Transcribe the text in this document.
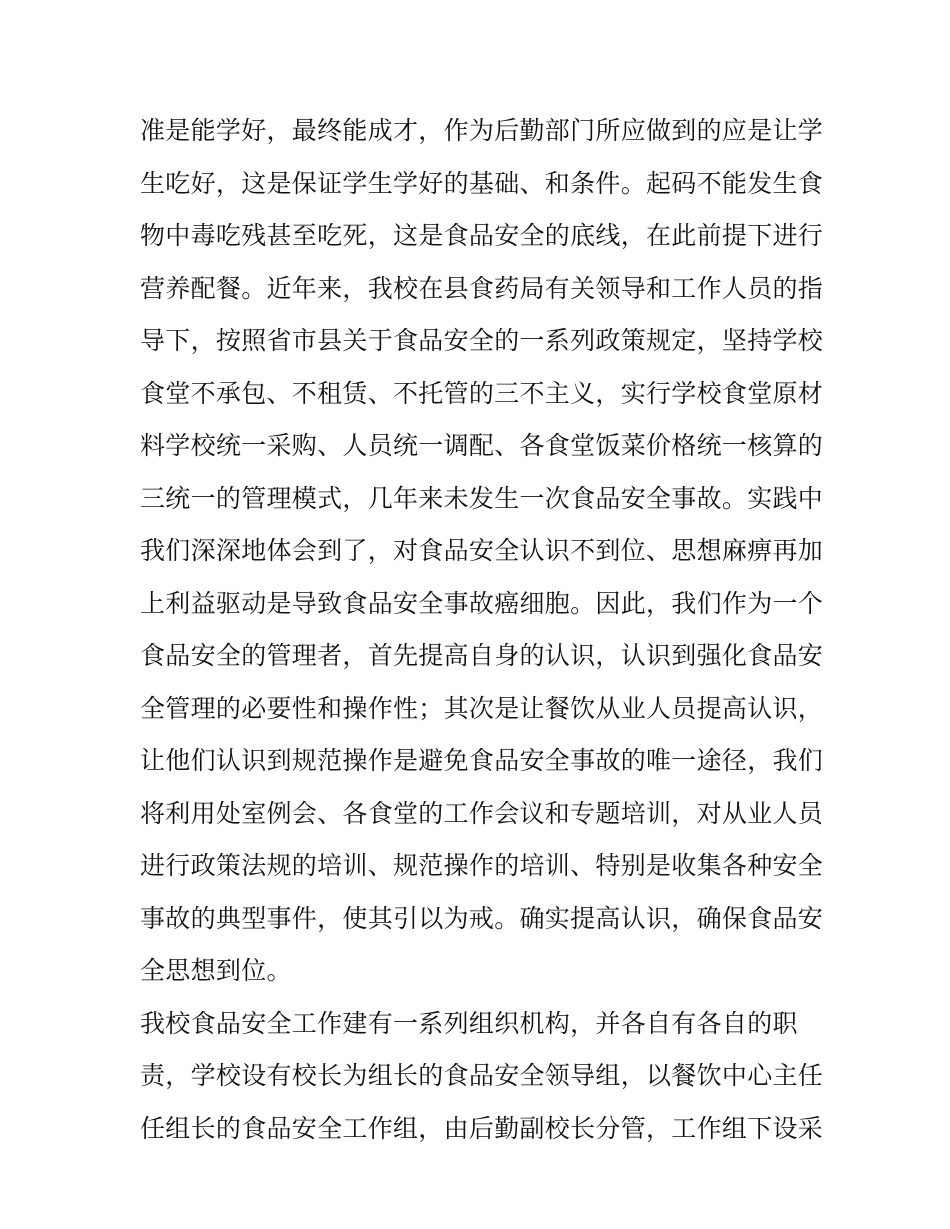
准是能学好，最终能成才，作为后勤部门所应做到的应是让学
生吃好，这是保证学生学好的基础、和条件。起码不能发生食
物中毒吃残甚至吃死，这是食品安全的底线，在此前提下进行
营养配餐。近年来，我校在县食药局有关领导和工作人员的指
导下，按照省市县关于食品安全的一系列政策规定，坚持学校
食堂不承包、不租赁、不托管的三不主义，实行学校食堂原材
料学校统一采购、人员统一调配、各食堂饭菜价格统一核算的
三统一的管理模式，几年来未发生一次食品安全事故。实践中
我们深深地体会到了，对食品安全认识不到位、思想麻痹再加
上利益驱动是导致食品安全事故癌细胞。因此，我们作为一个
食品安全的管理者，首先提高自身的认识，认识到强化食品安
全管理的必要性和操作性；其次是让餐饮从业人员提高认识，
让他们认识到规范操作是避免食品安全事故的唯一途径，我们
将利用处室例会、各食堂的工作会议和专题培训，对从业人员
进行政策法规的培训、规范操作的培训、特别是收集各种安全
事故的典型事件，使其引以为戒。确实提高认识，确保食品安
全思想到位。
我校食品安全工作建有一系列组织机构，并各自有各自的职
责，学校设有校长为组长的食品安全领导组，以餐饮中心主任
任组长的食品安全工作组，由后勤副校长分管，工作组下设采
